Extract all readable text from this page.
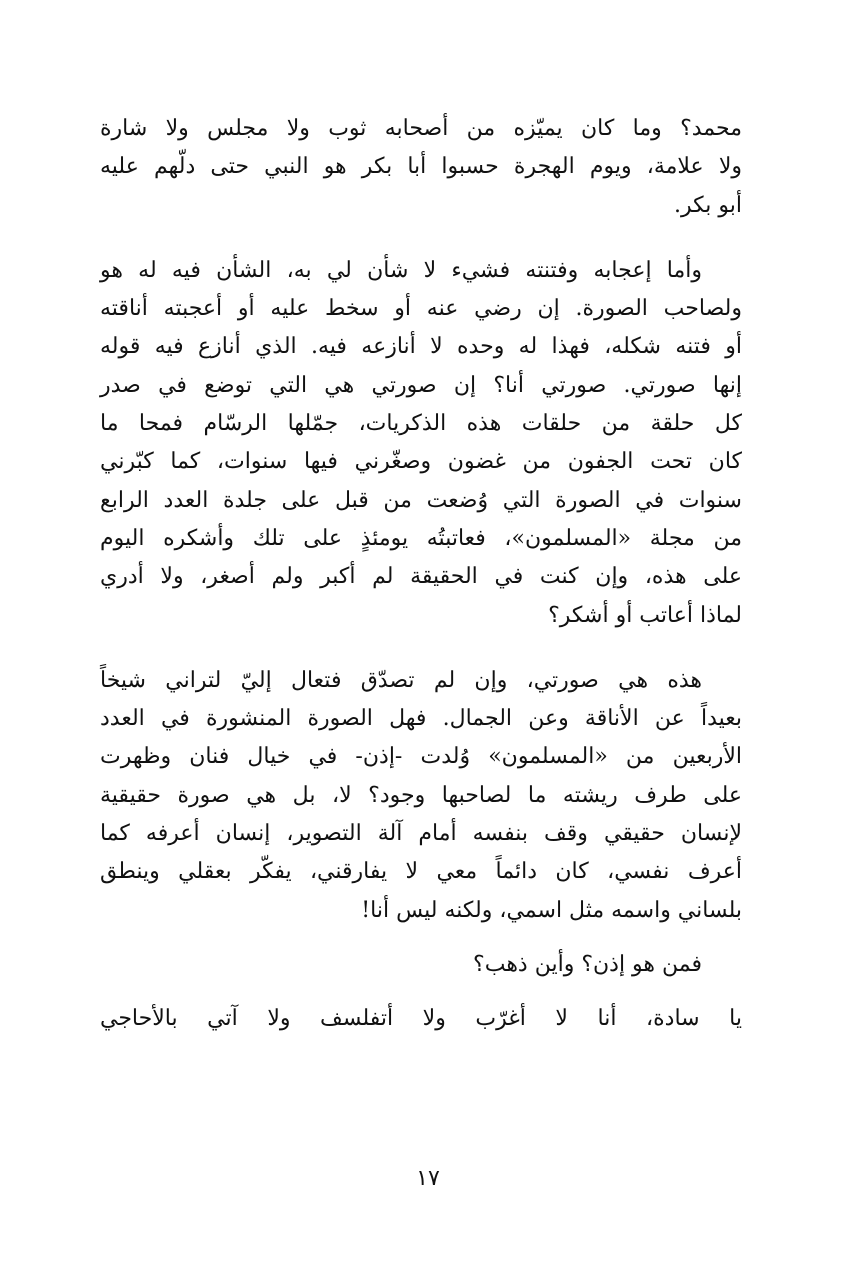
محمد؟ وما كان يميّزه من أصحابه ثوب ولا مجلس ولا شارة
ولا علامة، ويوم الهجرة حسبوا أبا بكر هو النبي حتى دلّهم عليه
أبو بكر.
وأما إعجابه وفتنته فشيء لا شأن لي به، الشأن فيه له هو
ولصاحب الصورة. إن رضي عنه أو سخط عليه أو أعجبته أناقته
أو فتنه شكله، فهذا له وحده لا أنازعه فيه. الذي أنازع فيه قوله
إنها صورتي. صورتي أنا؟ إن صورتي هي التي توضع في صدر
كل حلقة من حلقات هذه الذكريات، جمّلها الرسّام فمحا ما
كان تحت الجفون من غضون وصغّرني فيها سنوات، كما كبّرني
سنوات في الصورة التي وُضعت من قبل على جلدة العدد الرابع
من مجلة «المسلمون»، فعاتبتُه يومئذٍ على تلك وأشكره اليوم
على هذه، وإن كنت في الحقيقة لم أكبر ولم أصغر، ولا أدري
لماذا أعاتب أو أشكر؟
هذه هي صورتي، وإن لم تصدّق فتعال إليّ لتراني شيخاً
بعيداً عن الأناقة وعن الجمال. فهل الصورة المنشورة في العدد
الأربعين من «المسلمون» وُلدت -إذن- في خيال فنان وظهرت
على طرف ريشته ما لصاحبها وجود؟ لا، بل هي صورة حقيقية
لإنسان حقيقي وقف بنفسه أمام آلة التصوير، إنسان أعرفه كما
أعرف نفسي، كان دائماً معي لا يفارقني، يفكّر بعقلي وينطق
بلساني واسمه مثل اسمي، ولكنه ليس أنا!
فمن هو إذن؟ وأين ذهب؟
يا سادة، أنا لا أغرّب ولا أتفلسف ولا آتي بالأحاجي
١٧
